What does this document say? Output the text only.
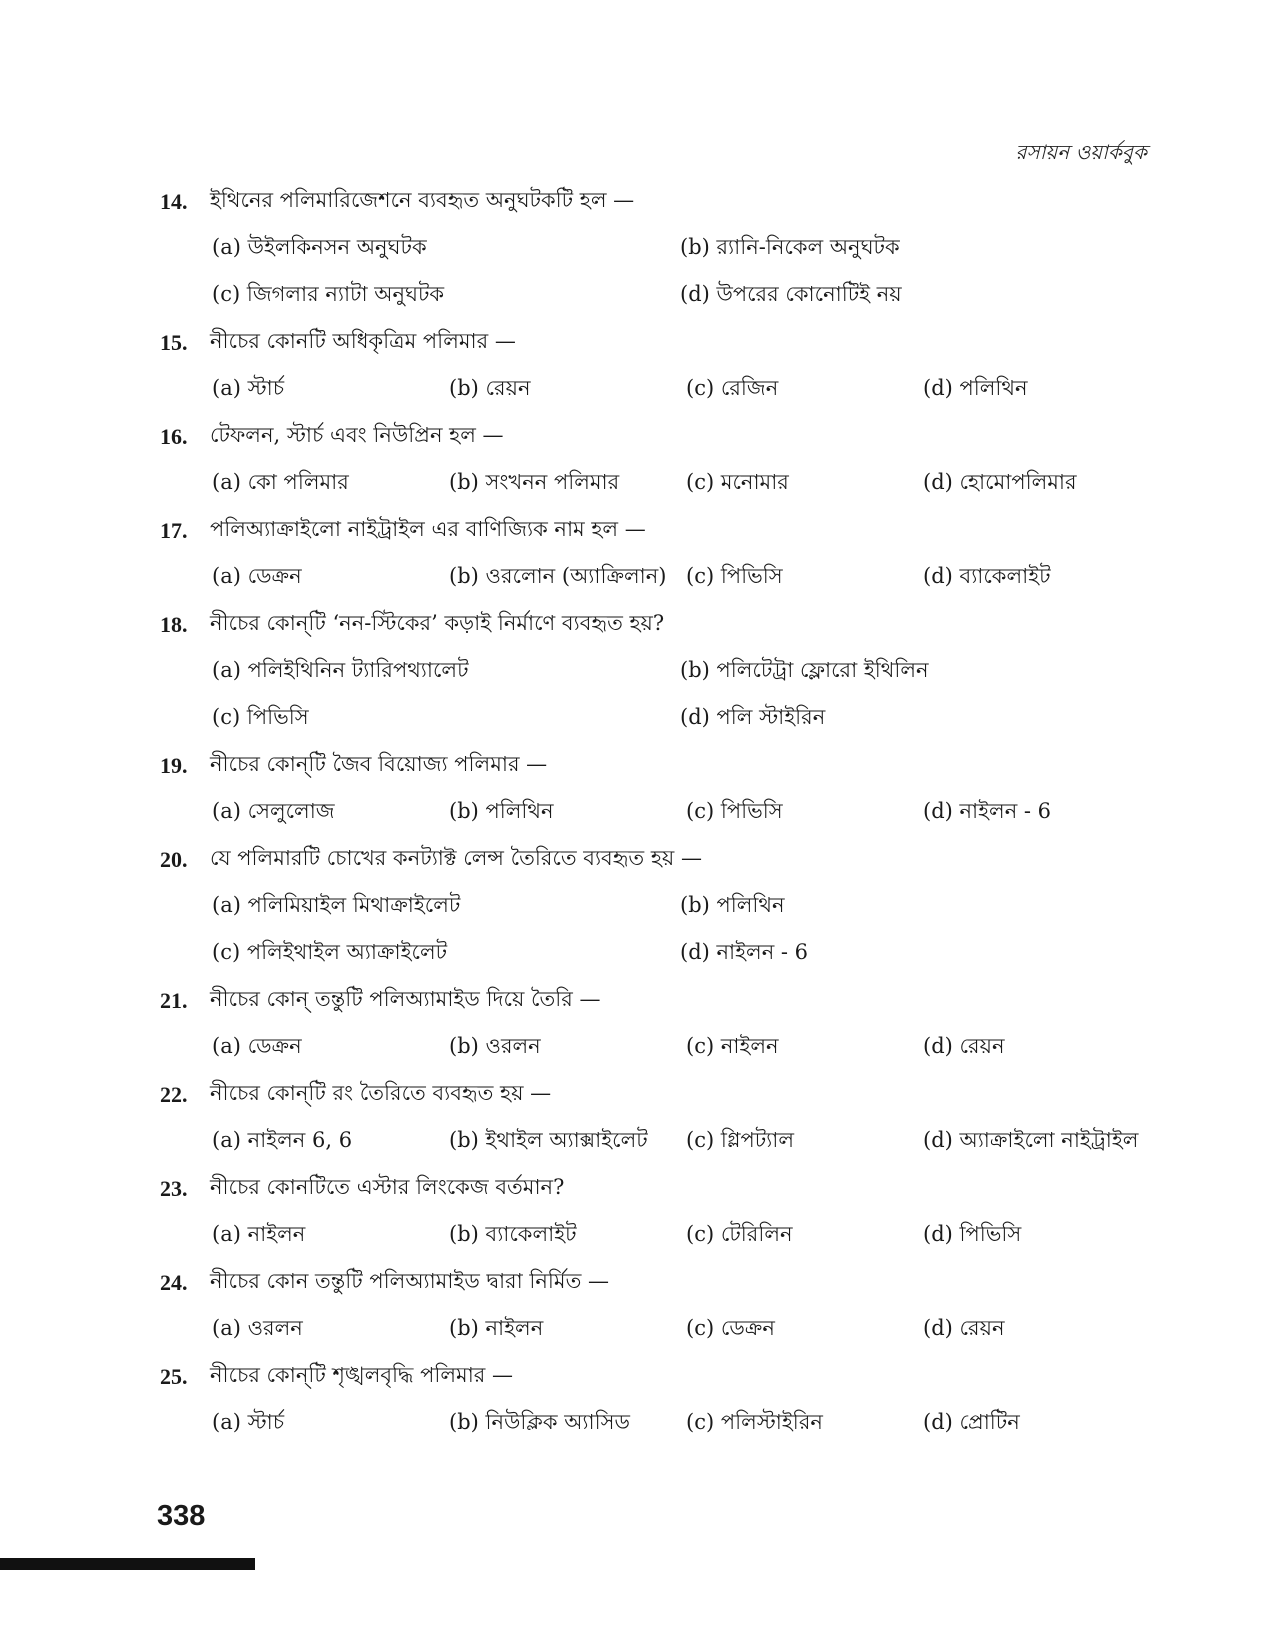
রসায়ন ওয়ার্কবুক
14.	ইথিনের পলিমারিজেশনে ব্যবহৃত অনুঘটকটি হল —
(a) উইলকিনসন অনুঘটক	(b) র‍্যানি-নিকেল অনুঘটক
(c) জিগলার ন্যাটা অনুঘটক	(d) উপরের কোনোটিই নয়
15.	নীচের কোনটি অধিকৃত্রিম পলিমার —
(a) স্টার্চ	(b) রেয়ন	(c) রেজিন	(d) পলিথিন
16.	টেফলন, স্টার্চ এবং নিউপ্রিন হল —
(a) কো পলিমার	(b) সংখনন পলিমার	(c) মনোমার	(d) হোমোপলিমার
17.	পলিঅ্যাক্রাইলো নাইট্রাইল এর বাণিজ্যিক নাম হল —
(a) ডেক্রন	(b) ওরলোন (অ্যাক্রিলান) (c) পিভিসি	(d) ব্যাকেলাইট
18.	নীচের কোন্‌টি ‘নন-স্টিকের’ কড়াই নির্মাণে ব্যবহৃত হয়?
(a) পলিইথিনিন ট্যারিপথ্যালেট	(b) পলিটেট্রা ফ্লোরো ইথিলিন
(c) পিভিসি	(d) পলি স্টাইরিন
19.	নীচের কোন্‌টি জৈব বিয়োজ্য পলিমার —
(a) সেলুলোজ	(b) পলিথিন	(c) পিভিসি	(d) নাইলন - 6
20.	যে পলিমারটি চোখের কনট্যাক্ট লেন্স তৈরিতে ব্যবহৃত হয় —
(a) পলিমিয়াইল মিথাক্রাইলেট	(b) পলিথিন
(c) পলিইথাইল অ্যাক্রাইলেট	(d) নাইলন - 6
21.	নীচের কোন্‌ তন্তুটি পলিঅ্যামাইড দিয়ে তৈরি —
(a) ডেক্রন	(b) ওরলন	(c) নাইলন	(d) রেয়ন
22.	নীচের কোন্‌টি রং তৈরিতে ব্যবহৃত হয় —
(a) নাইলন 6, 6	(b) ইথাইল অ্যাক্সাইলেট	(c) গ্লিপট্যাল	(d) অ্যাক্রাইলো নাইট্রাইল
23.	নীচের কোনটিতে এস্টার লিংকেজ বর্তমান?
(a) নাইলন	(b) ব্যাকেলাইট	(c) টেরিলিন	(d) পিভিসি
24.	নীচের কোন তন্তুটি পলিঅ্যামাইড দ্বারা নির্মিত —
(a) ওরলন	(b) নাইলন	(c) ডেক্রন	(d) রেয়ন
25.	নীচের কোন্‌টি শৃঙ্খলবৃদ্ধি পলিমার —
(a) স্টার্চ	(b) নিউক্লিক অ্যাসিড	(c) পলিস্টাইরিন	(d) প্রোটিন
338
